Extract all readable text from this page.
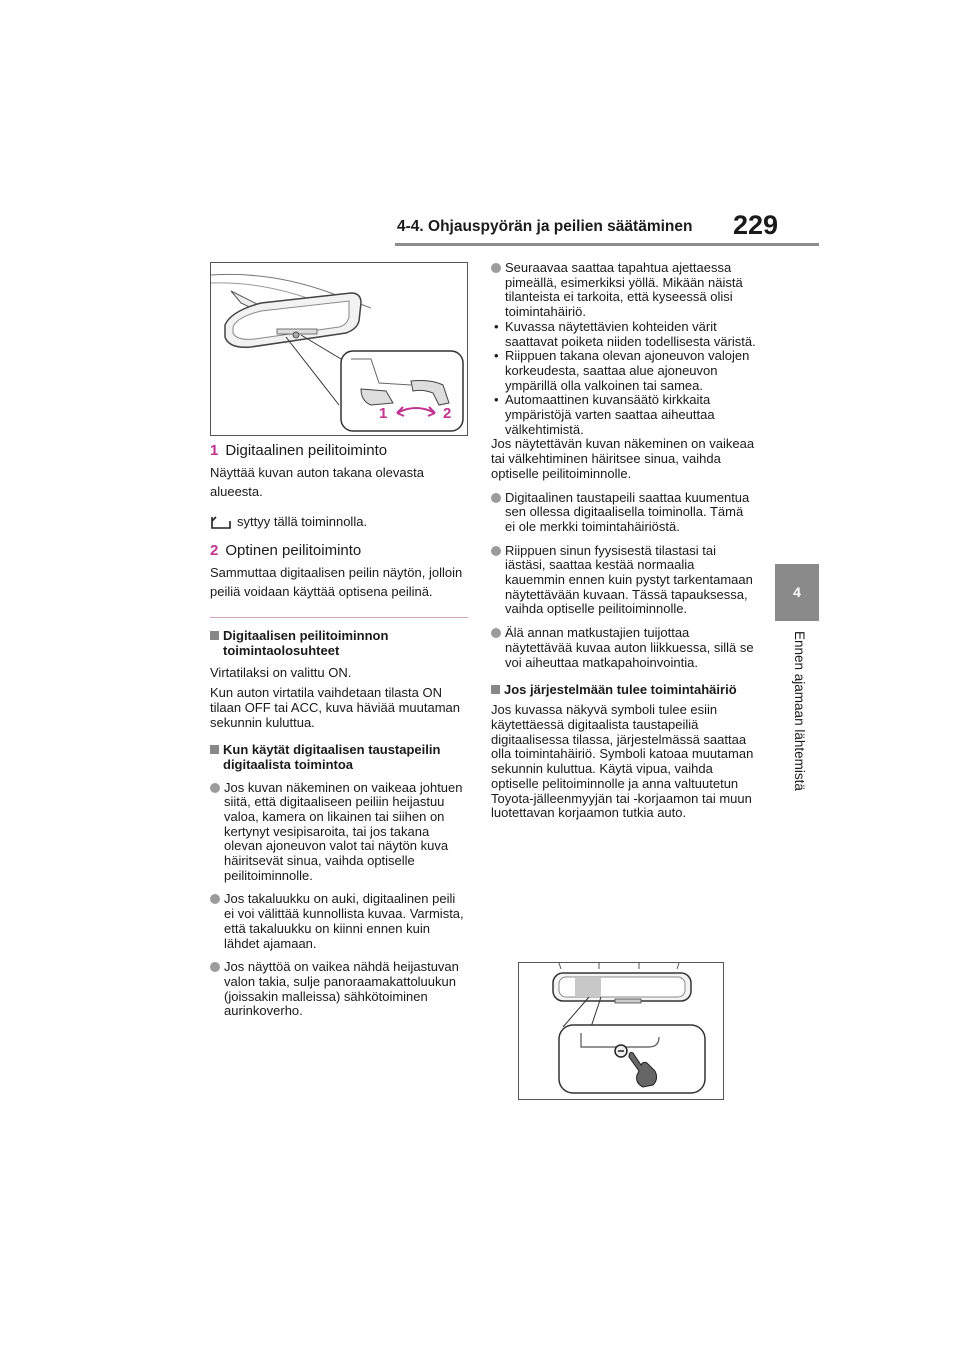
4-4. Ohjauspyörän ja peilien säätäminen 229
4
Ennen ajamaan lähtemistä
1	2
1 Digitaalinen peilitoiminto
Näyttää kuvan auton takana olevasta alueesta.
syttyy tällä toiminnolla.
2 Optinen peilitoiminto
Sammuttaa digitaalisen peilin näytön, jolloin peiliä voidaan käyttää optisena peilinä.
Digitaalisen peilitoiminnon toimintaolosuhteet
Virtatilaksi on valittu ON.
Kun auton virtatila vaihdetaan tilasta ON tilaan OFF tai ACC, kuva häviää muutaman sekunnin kuluttua.
Kun käytät digitaalisen taustapeilin digitaalista toimintoa
Jos kuvan näkeminen on vaikeaa johtuen siitä, että digitaaliseen peiliin heijastuu valoa, kamera on likainen tai siihen on kertynyt vesipisaroita, tai jos takana olevan ajoneuvon valot tai näytön kuva häiritsevät sinua, vaihda optiselle peilitoiminnolle.
Jos takaluukku on auki, digitaalinen peili ei voi välittää kunnollista kuvaa. Varmista, että takaluukku on kiinni ennen kuin lähdet ajamaan.
Jos näyttöä on vaikea nähdä heijastuvan valon takia, sulje panoraamakattoluukun (joissakin malleissa) sähkötoiminen aurinkoverho.
Seuraavaa saattaa tapahtua ajettaessa pimeällä, esimerkiksi yöllä. Mikään näistä tilanteista ei tarkoita, että kyseessä olisi toimintahäiriö.
• Kuvassa näytettävien kohteiden värit saattavat poiketa niiden todellisesta väristä.
• Riippuen takana olevan ajoneuvon valojen korkeudesta, saattaa alue ajoneuvon ympärillä olla valkoinen tai samea.
• Automaattinen kuvansäätö kirkkaita ympäristöjä varten saattaa aiheuttaa välkehtimistä.
Jos näytettävän kuvan näkeminen on vaikeaa tai välkehtiminen häiritsee sinua, vaihda optiselle peilitoiminnolle.
Digitaalinen taustapeili saattaa kuumentua sen ollessa digitaalisella toiminolla. Tämä ei ole merkki toimintahäiriöstä.
Riippuen sinun fyysisestä tilastasi tai iästäsi, saattaa kestää normaalia kauemmin ennen kuin pystyt tarkentamaan näytettävään kuvaan. Tässä tapauksessa, vaihda optiselle peilitoiminnolle.
Älä annan matkustajien tuijottaa näytettävää kuvaa auton liikkuessa, sillä se voi aiheuttaa matkapahoinvointia.
Jos järjestelmään tulee toimintahäiriö
Jos kuvassa näkyvä symboli tulee esiin käytettäessä digitaalista taustapeiliä digitaalisessa tilassa, järjestelmässä saattaa olla toimintahäiriö. Symboli katoaa muutaman sekunnin kuluttua. Käytä vipua, vaihda optiselle pelitoiminnolle ja anna valtuutetun Toyota-jälleenmyyjän tai -korjaamon tai muun luotettavan korjaamon tutkia auto.
